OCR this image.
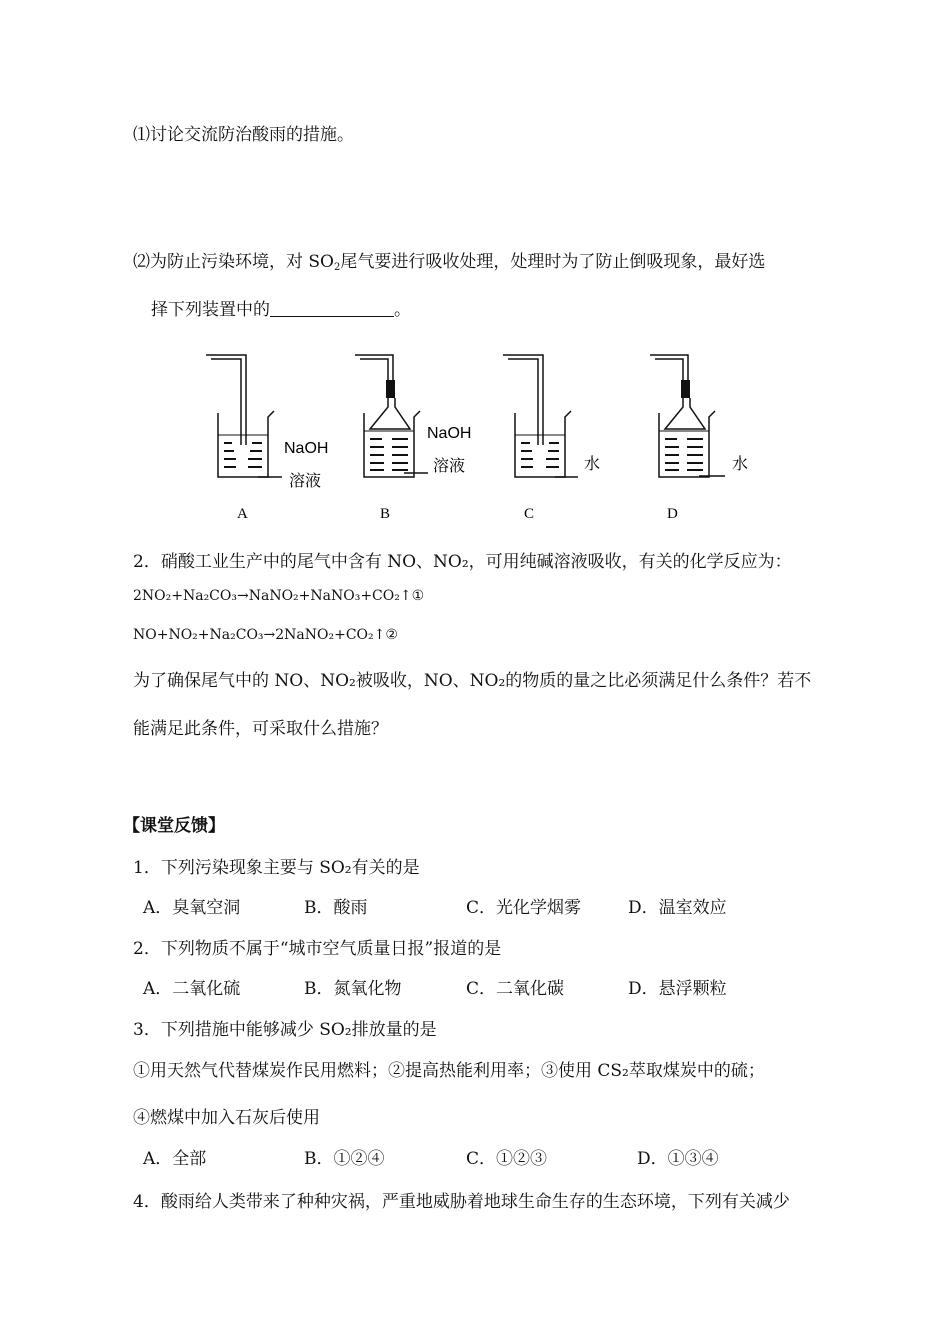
⑴讨论交流防治酸雨的措施。
⑵为防止污染环境，对 $SO_2$尾气要进行吸收处理，处理时为了防止倒吸现象，最好选
择下列装置中的	。
NaOH
溶液
A
NaOH
溶液
B
水
C
水
D
2．硝酸工业生产中的尾气中含有 NO、NO₂，可用纯碱溶液吸收，有关的化学反应为：
2NO₂+Na₂CO₃→NaNO₂+NaNO₃+CO₂↑①
NO+NO₂+Na₂CO₃→2NaNO₂+CO₂↑②
为了确保尾气中的 NO、NO₂被吸收，NO、NO₂的物质的量之比必须满足什么条件？若不
能满足此条件，可采取什么措施？
【课堂反馈】
1．下列污染现象主要与 SO₂有关的是
A．臭氧空洞	B．酸雨	C．光化学烟雾	D．温室效应
2．下列物质不属于“城市空气质量日报”报道的是
A．二氧化硫	B．氮氧化物	C．二氧化碳	D．悬浮颗粒
3．下列措施中能够减少 SO₂排放量的是
①用天然气代替煤炭作民用燃料；②提高热能利用率；③使用 CS₂萃取煤炭中的硫；
④燃煤中加入石灰后使用
A．全部	B．①②④	C．①②③	D．①③④
4．酸雨给人类带来了种种灾祸，严重地威胁着地球生命生存的生态环境，下列有关减少
